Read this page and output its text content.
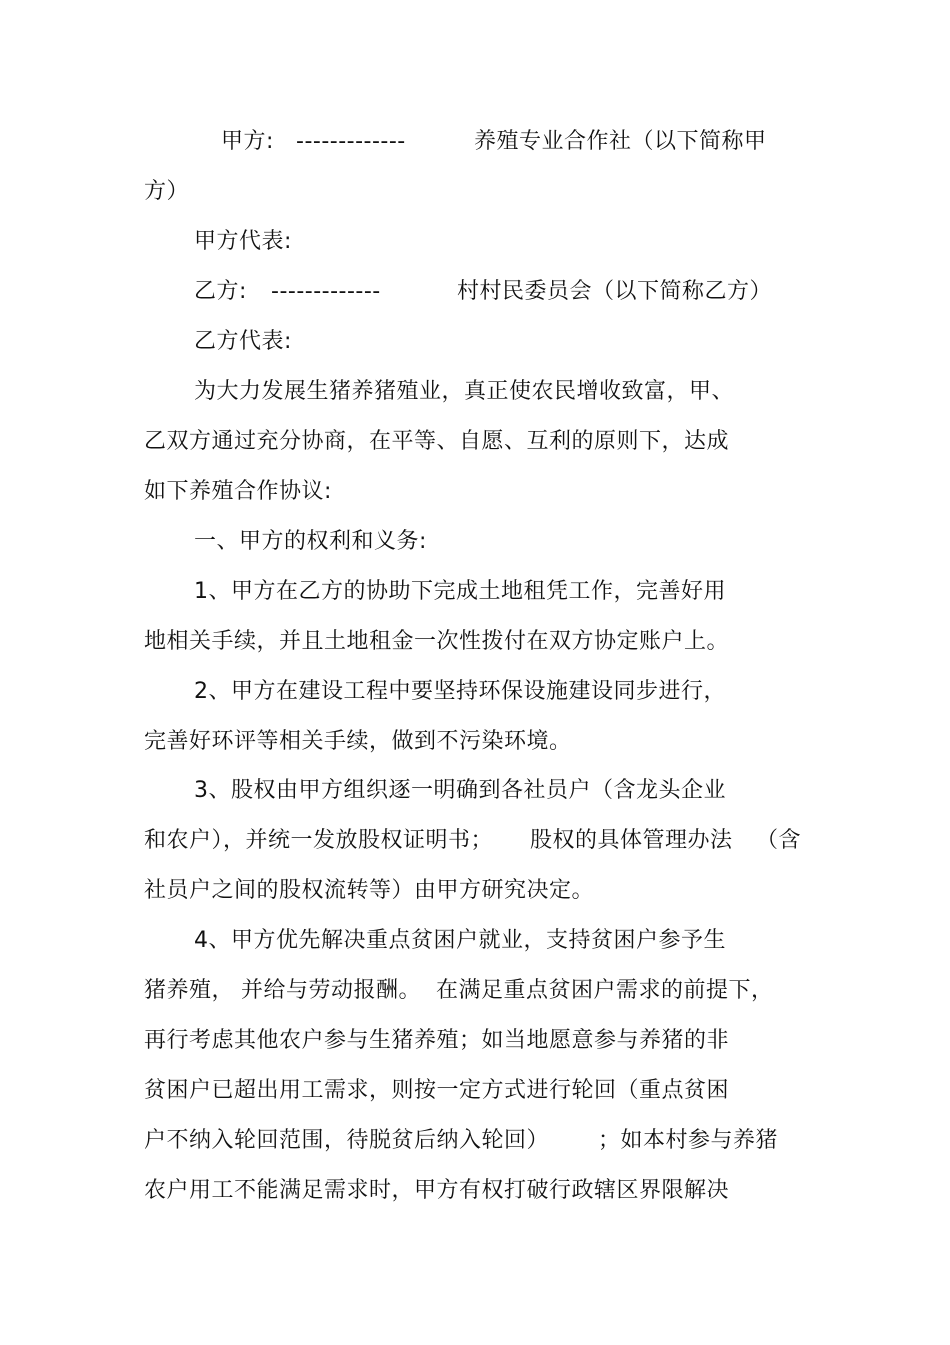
甲方: -------------	养殖专业合作社（以下简称甲
方）
甲方代表:
乙方: -------------	村村民委员会（以下简称乙方）
乙方代表:
为大力发展生猪养猪殖业，真正使农民增收致富，甲、
乙双方通过充分协商，在平等、自愿、互利的原则下，达成
如下养殖合作协议:
一、甲方的权利和义务:
1、甲方在乙方的协助下完成土地租凭工作，完善好用
地相关手续，并且土地租金一次性拨付在双方协定账户上。
2、甲方在建设工程中要坚持环保设施建设同步进行，
完善好环评等相关手续，做到不污染环境。
3、股权由甲方组织逐一明确到各社员户（含龙头企业
和农户），并统一发放股权证明书； 股权的具体管理办法 （含
社员户之间的股权流转等）由甲方研究决定。
4、甲方优先解决重点贫困户就业，支持贫困户参予生
猪养殖， 并给与劳动报酬。 在满足重点贫困户需求的前提下，
再行考虑其他农户参与生猪养殖；如当地愿意参与养猪的非
贫困户已超出用工需求，则按一定方式进行轮回（重点贫困
户不纳入轮回范围，待脱贫后纳入轮回） ；如本村参与养猪
农户用工不能满足需求时，甲方有权打破行政辖区界限解决
